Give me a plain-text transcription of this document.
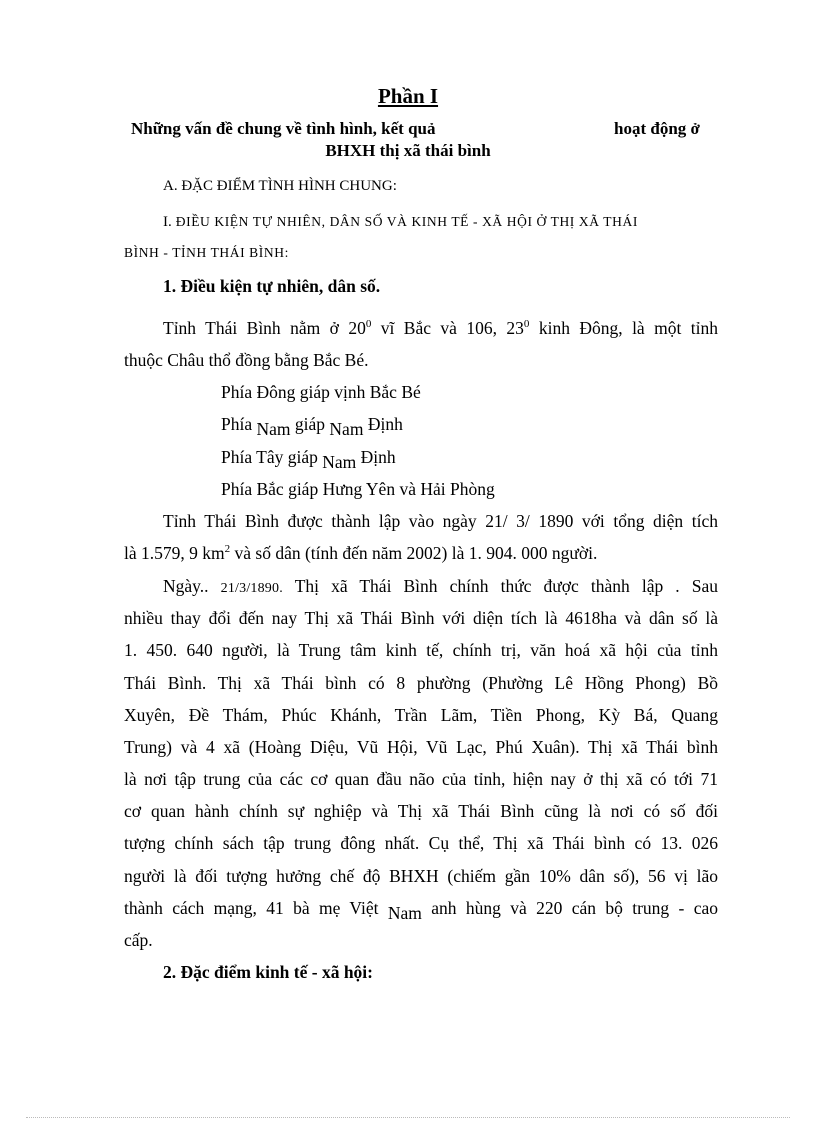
Phần I
Những vấn đề chung về tình hình, kết quả	hoạt động ở
BHXH thị xã thái bình
A. ĐẶC ĐIỂM TÌNH HÌNH CHUNG:
I. ĐIỀU KIỆN TỰ NHIÊN, DÂN SỐ VÀ KINH TẾ - XÃ HỘI Ở THỊ XÃ THÁI
BÌNH - TỈNH THÁI BÌNH:
1. Điều kiện tự nhiên, dân số.
Tỉnh Thái Bình nằm ở $20^0$ vĩ Bắc và 106, $23^0$ kinh Đông, là một tỉnh
thuộc Châu thổ đồng bằng Bắc Bé.
Phía Đông giáp vịnh Bắc Bé
Phía Nam giáp Nam Định
Phía Tây giáp Nam Định
Phía Bắc giáp Hưng Yên và Hải Phòng
Tỉnh Thái Bình được thành lập vào ngày 21/ 3/ 1890 với tổng diện tích
là 1.579, 9 $km^2$ và số dân (tính đến năm 2002) là 1. 904. 000 người.
Ngày.. 21/3/1890. Thị xã Thái Bình chính thức được thành lập . Sau
nhiều thay đổi đến nay Thị xã Thái Bình với diện tích là 4618ha và dân số là
1. 450. 640 người, là Trung tâm kinh tế, chính trị, văn hoá xã hội của tỉnh
Thái Bình. Thị xã Thái bình có 8 phường (Phường Lê Hồng Phong) Bồ
Xuyên, Đề Thám, Phúc Khánh, Trần Lãm, Tiền Phong, Kỳ Bá, Quang
Trung) và 4 xã (Hoàng Diệu, Vũ Hội, Vũ Lạc, Phú Xuân). Thị xã Thái bình
là nơi tập trung của các cơ quan đầu não của tỉnh, hiện nay ở thị xã có tới 71
cơ quan hành chính sự nghiệp và Thị xã Thái Bình cũng là nơi có số đối
tượng chính sách tập trung đông nhất. Cụ thể, Thị xã Thái bình có 13. 026
người là đối tượng hưởng chế độ BHXH (chiếm gần 10% dân số), 56 vị lão
thành cách mạng, 41 bà mẹ Việt Nam anh hùng và 220 cán bộ trung - cao
cấp.
2. Đặc điểm kinh tế - xã hội:
